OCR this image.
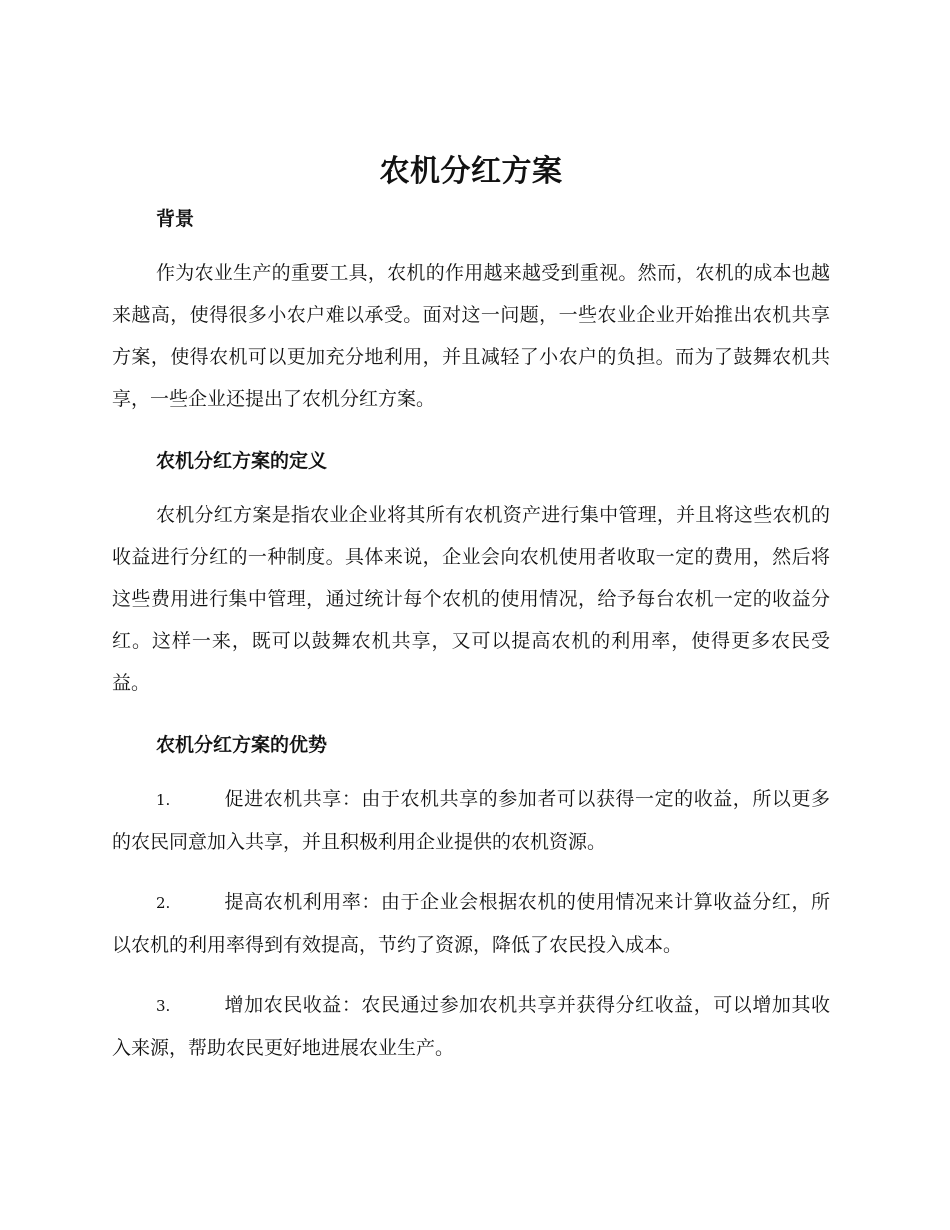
农机分红方案
背景

作为农业生产的重要工具，农机的作用越来越受到重视。然而，农机的成本也越来越高，使得很多小农户难以承受。面对这一问题，一些农业企业开始推出农机共享方案，使得农机可以更加充分地利用，并且减轻了小农户的负担。而为了鼓舞农机共享，一些企业还提出了农机分红方案。

农机分红方案的定义

农机分红方案是指农业企业将其所有农机资产进行集中管理，并且将这些农机的收益进行分红的一种制度。具体来说，企业会向农机使用者收取一定的费用，然后将这些费用进行集中管理，通过统计每个农机的使用情况，给予每台农机一定的收益分红。这样一来，既可以鼓舞农机共享，又可以提高农机的利用率，使得更多农民受益。

农机分红方案的优势

1.	促进农机共享：由于农机共享的参加者可以获得一定的收益，所以更多的农民同意加入共享，并且积极利用企业提供的农机资源。

2.	提高农机利用率：由于企业会根据农机的使用情况来计算收益分红，所以农机的利用率得到有效提高，节约了资源，降低了农民投入成本。

3.	增加农民收益：农民通过参加农机共享并获得分红收益，可以增加其收入来源，帮助农民更好地进展农业生产。
